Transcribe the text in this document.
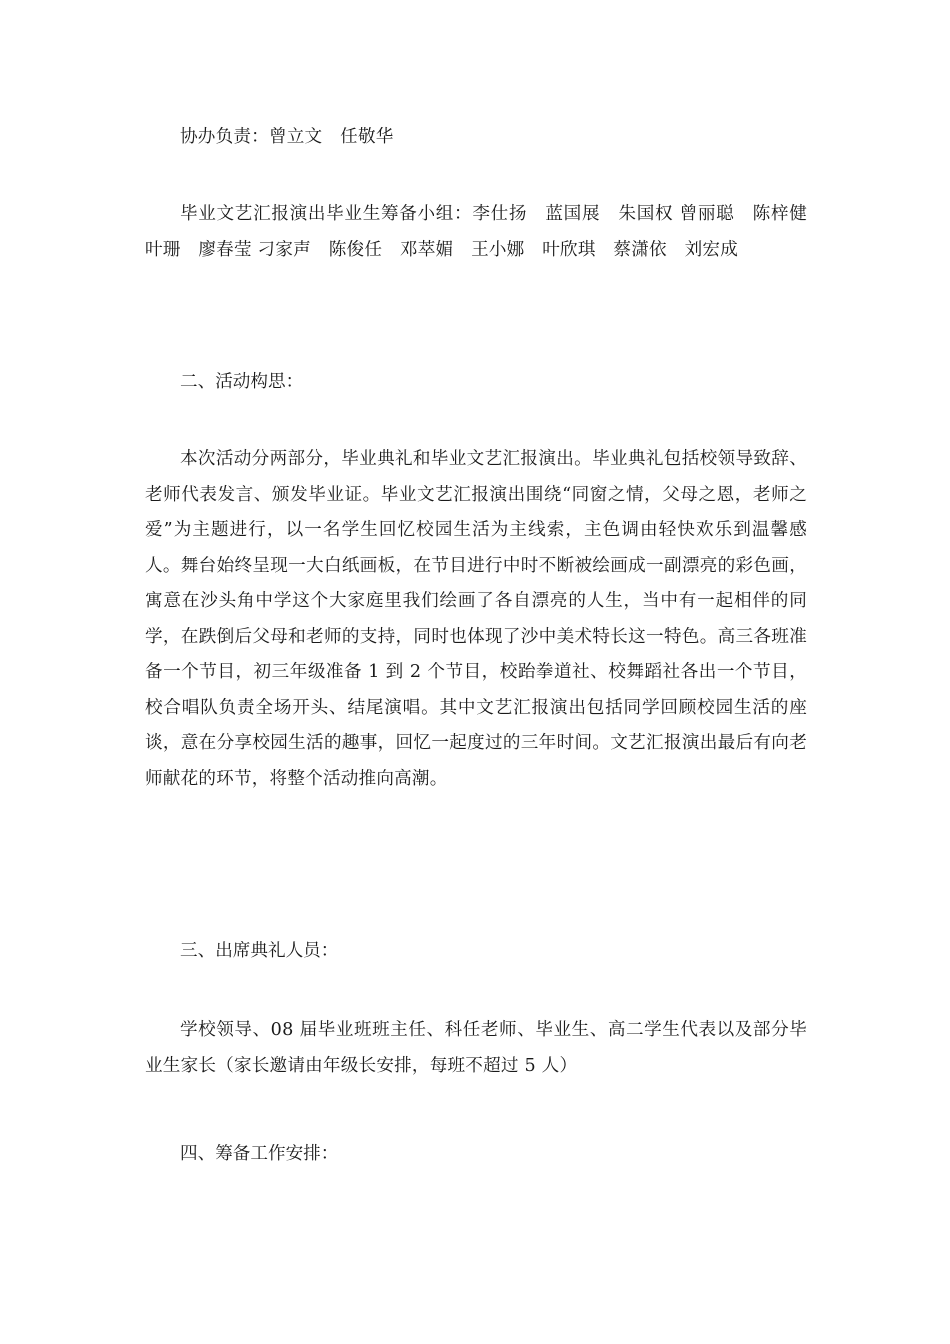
协办负责：曾立文　任敬华

毕业文艺汇报演出毕业生筹备小组：李仕扬　蓝国展　朱国权 曾丽聪　陈梓健　叶珊　廖春莹 刁家声　陈俊任　邓萃媚　王小娜　叶欣琪　蔡潇依　刘宏成

二、活动构思：

本次活动分两部分，毕业典礼和毕业文艺汇报演出。毕业典礼包括校领导致辞、老师代表发言、颁发毕业证。毕业文艺汇报演出围绕“同窗之情，父母之恩，老师之爱”为主题进行，以一名学生回忆校园生活为主线索，主色调由轻快欢乐到温馨感人。舞台始终呈现一大白纸画板，在节目进行中时不断被绘画成一副漂亮的彩色画，寓意在沙头角中学这个大家庭里我们绘画了各自漂亮的人生，当中有一起相伴的同学，在跌倒后父母和老师的支持，同时也体现了沙中美术特长这一特色。高三各班准备一个节目，初三年级准备 1 到 2 个节目，校跆拳道社、校舞蹈社各出一个节目，校合唱队负责全场开头、结尾演唱。其中文艺汇报演出包括同学回顾校园生活的座谈，意在分享校园生活的趣事，回忆一起度过的三年时间。文艺汇报演出最后有向老师献花的环节，将整个活动推向高潮。

三、出席典礼人员：

学校领导、08 届毕业班班主任、科任老师、毕业生、高二学生代表以及部分毕业生家长（家长邀请由年级长安排，每班不超过 5 人）

四、筹备工作安排：
